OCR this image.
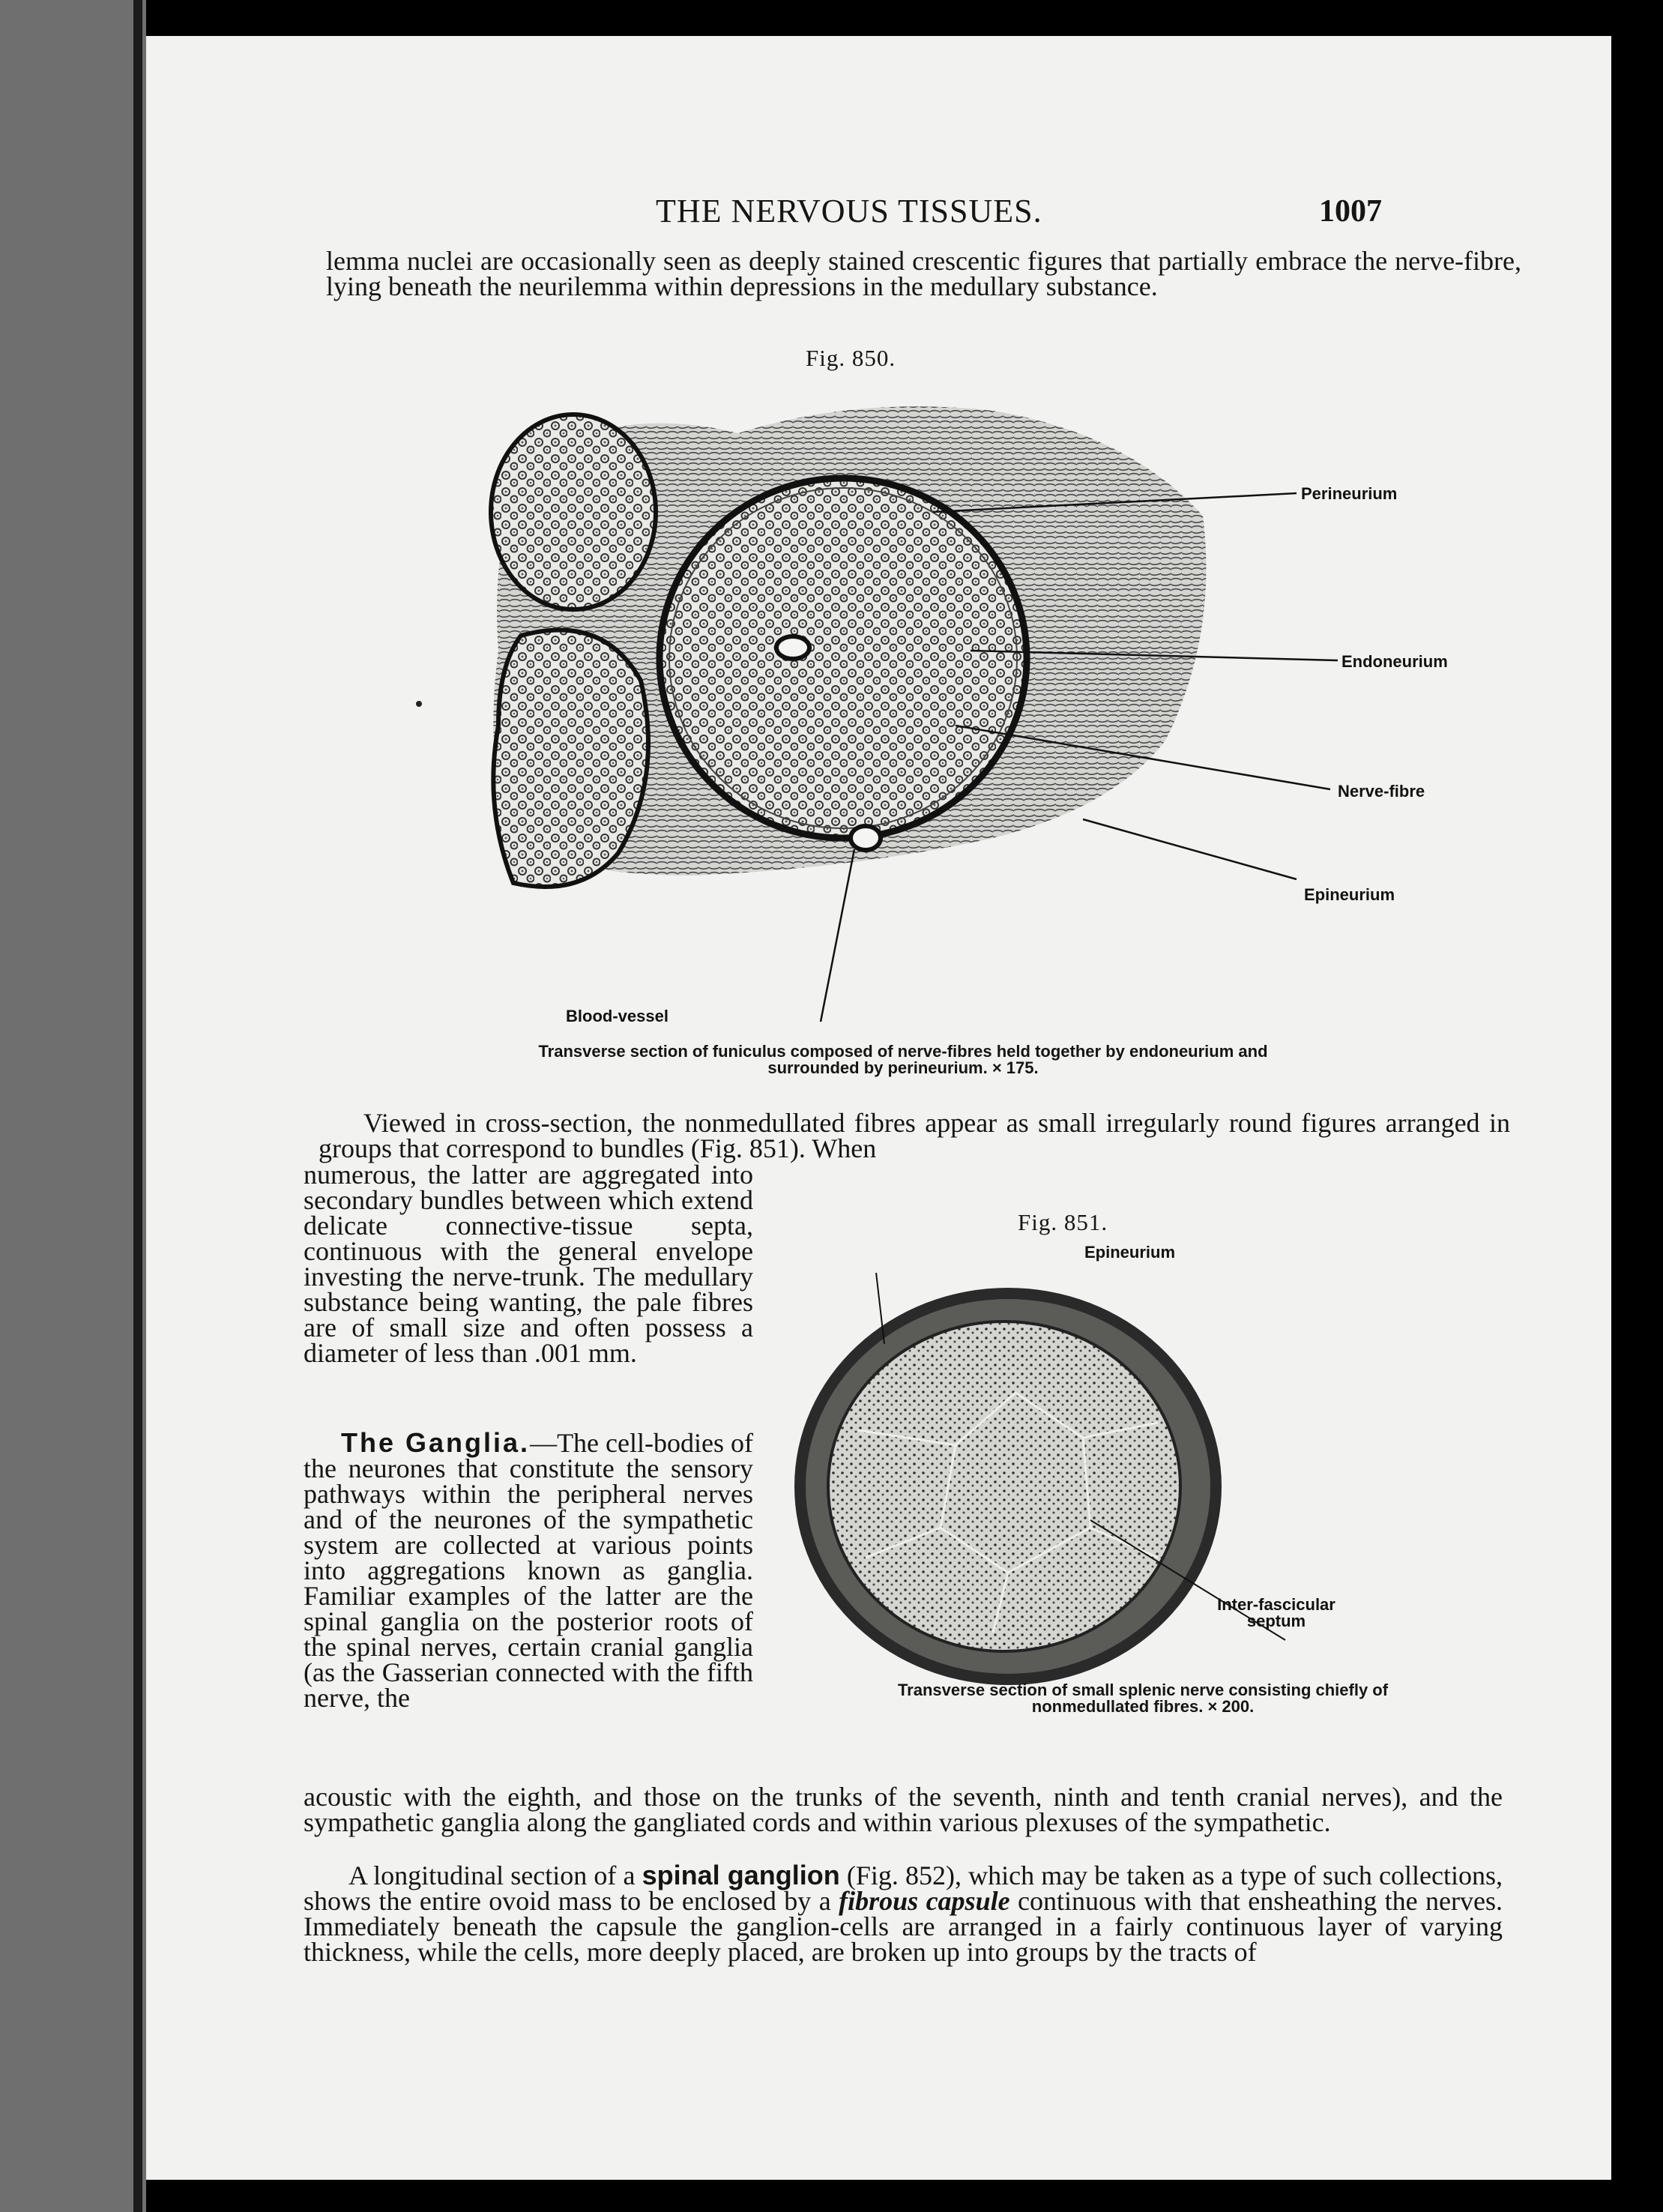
THE NERVOUS TISSUES.	1007

lemma nuclei are occasionally seen as deeply stained crescentic figures that partially embrace the nerve-fibre, lying beneath the neurilemma within depressions in the medullary substance.

Fig. 850.
Perineurium
Endoneurium
Nerve-fibre
Epineurium
Blood-vessel
Transverse section of funiculus composed of nerve-fibres held together by endoneurium and
surrounded by perineurium. × 175.

Viewed in cross-section, the nonmedullated fibres appear as small irregularly round figures arranged in groups that correspond to bundles (Fig. 851). When

numerous, the latter are aggregated into secondary bundles between which extend delicate connective-tissue septa, continuous with the general envelope investing the nerve-trunk. The medullary substance being wanting, the pale fibres are of small size and often possess a diameter of less than .001 mm.

The Ganglia.—The cell-bodies of the neurones that constitute the sensory pathways within the peripheral nerves and of the neurones of the sympathetic system are collected at various points into aggregations known as ganglia. Familiar examples of the latter are the spinal ganglia on the posterior roots of the spinal nerves, certain cranial ganglia (as the Gasserian connected with the fifth nerve, the

Fig. 851.
Epineurium
Inter-fascicular
septum
Transverse section of small splenic nerve consisting chiefly of
nonmedullated fibres. × 200.

acoustic with the eighth, and those on the trunks of the seventh, ninth and tenth cranial nerves), and the sympathetic ganglia along the gangliated cords and within various plexuses of the sympathetic.

A longitudinal section of a spinal ganglion (Fig. 852), which may be taken as a type of such collections, shows the entire ovoid mass to be enclosed by a fibrous capsule continuous with that ensheathing the nerves. Immediately beneath the capsule the ganglion-cells are arranged in a fairly continuous layer of varying thickness, while the cells, more deeply placed, are broken up into groups by the tracts of
